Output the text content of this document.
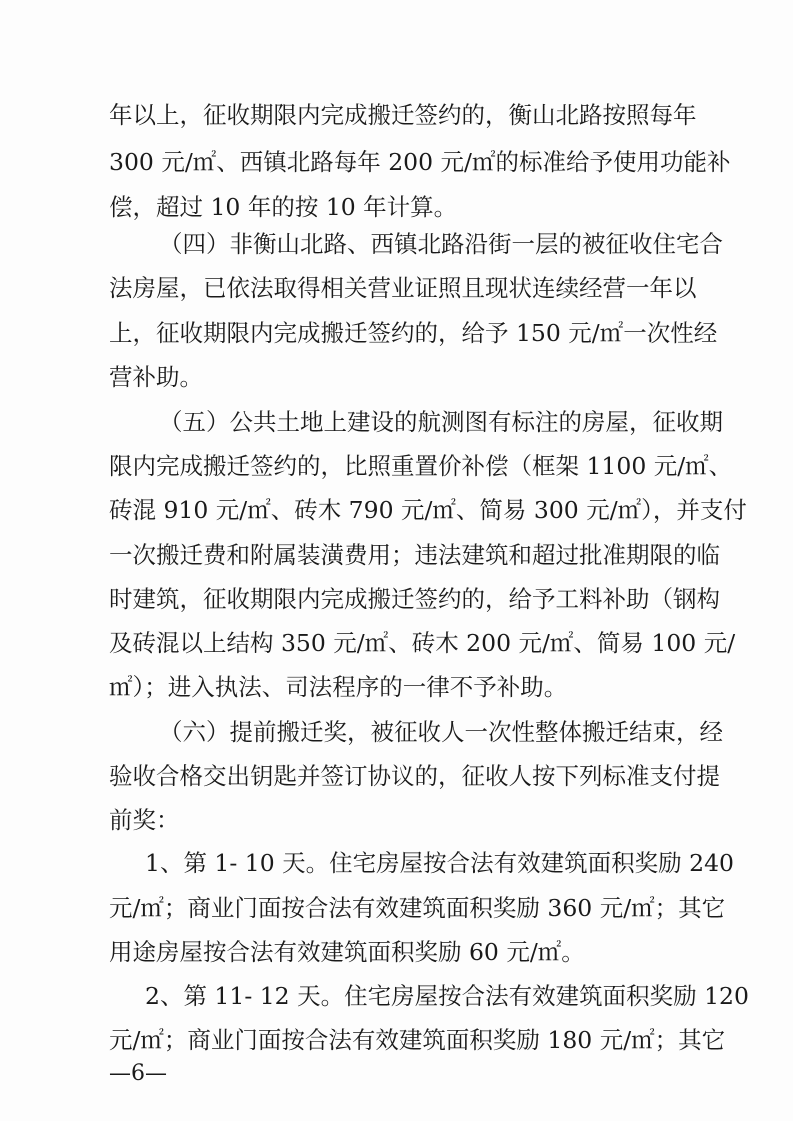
年以上，征收期限内完成搬迁签约的，衡山北路按照每年
300 元/㎡、西镇北路每年 200 元/㎡的标准给予使用功能补
偿，超过 10 年的按 10 年计算。
（四）非衡山北路、西镇北路沿街一层的被征收住宅合
法房屋，已依法取得相关营业证照且现状连续经营一年以
上，征收期限内完成搬迁签约的，给予 150 元/㎡一次性经
营补助。
（五）公共土地上建设的航测图有标注的房屋，征收期
限内完成搬迁签约的，比照重置价补偿（框架 1100 元/㎡、
砖混 910 元/㎡、砖木 790 元/㎡、简易 300 元/㎡），并支付
一次搬迁费和附属装潢费用；违法建筑和超过批准期限的临
时建筑，征收期限内完成搬迁签约的，给予工料补助（钢构
及砖混以上结构 350 元/㎡、砖木 200 元/㎡、简易 100 元/
㎡）；进入执法、司法程序的一律不予补助。
（六）提前搬迁奖，被征收人一次性整体搬迁结束，经
验收合格交出钥匙并签订协议的，征收人按下列标准支付提
前奖：
1、第 1- 10 天。住宅房屋按合法有效建筑面积奖励 240
元/㎡；商业门面按合法有效建筑面积奖励 360 元/㎡；其它
用途房屋按合法有效建筑面积奖励 60 元/㎡。
2、第 11- 12 天。住宅房屋按合法有效建筑面积奖励 120
元/㎡；商业门面按合法有效建筑面积奖励 180 元/㎡；其它
—6—
